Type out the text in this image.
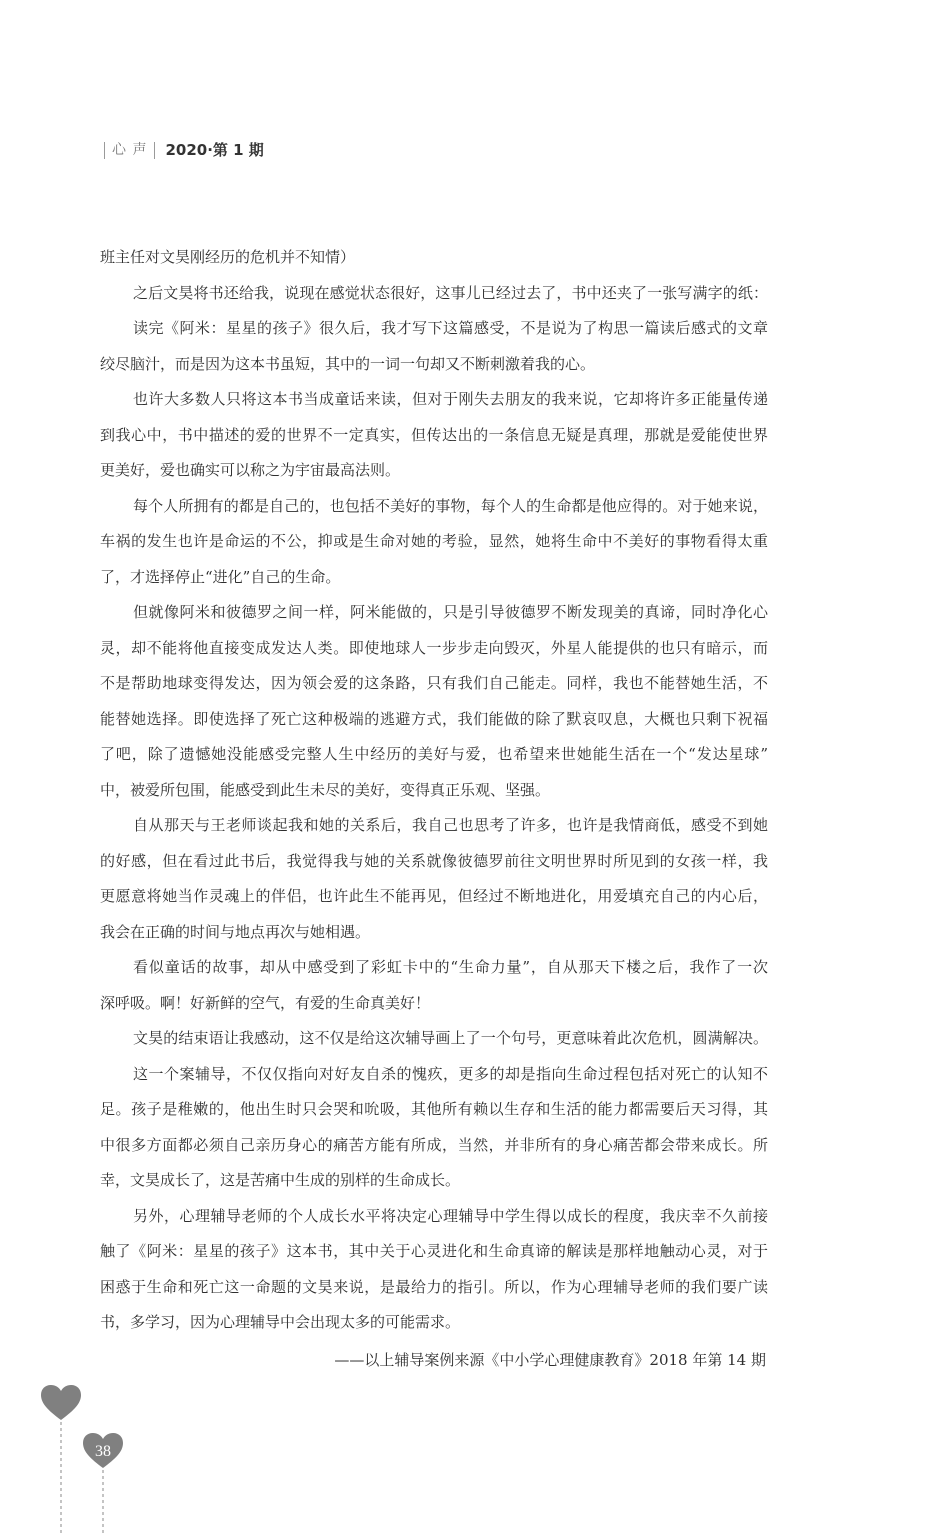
心 声	2020·第 1 期
班主任对文昊刚经历的危机并不知情）
之后文昊将书还给我，说现在感觉状态很好，这事儿已经过去了，书中还夹了一张写满字的纸：
读完《阿米：星星的孩子》很久后，我才写下这篇感受，不是说为了构思一篇读后感式的文章
绞尽脑汁，而是因为这本书虽短，其中的一词一句却又不断刺激着我的心。
也许大多数人只将这本书当成童话来读，但对于刚失去朋友的我来说，它却将许多正能量传递
到我心中，书中描述的爱的世界不一定真实，但传达出的一条信息无疑是真理，那就是爱能使世界
更美好，爱也确实可以称之为宇宙最高法则。
每个人所拥有的都是自己的，也包括不美好的事物，每个人的生命都是他应得的。对于她来说，
车祸的发生也许是命运的不公，抑或是生命对她的考验，显然，她将生命中不美好的事物看得太重
了，才选择停止“进化”自己的生命。
但就像阿米和彼德罗之间一样，阿米能做的，只是引导彼德罗不断发现美的真谛，同时净化心
灵，却不能将他直接变成发达人类。即使地球人一步步走向毁灭，外星人能提供的也只有暗示，而
不是帮助地球变得发达，因为领会爱的这条路，只有我们自己能走。同样，我也不能替她生活，不
能替她选择。即使选择了死亡这种极端的逃避方式，我们能做的除了默哀叹息，大概也只剩下祝福
了吧，除了遗憾她没能感受完整人生中经历的美好与爱，也希望来世她能生活在一个“发达星球”
中，被爱所包围，能感受到此生未尽的美好，变得真正乐观、坚强。
自从那天与王老师谈起我和她的关系后，我自己也思考了许多，也许是我情商低，感受不到她
的好感，但在看过此书后，我觉得我与她的关系就像彼德罗前往文明世界时所见到的女孩一样，我
更愿意将她当作灵魂上的伴侣，也许此生不能再见，但经过不断地进化，用爱填充自己的内心后，
我会在正确的时间与地点再次与她相遇。
看似童话的故事，却从中感受到了彩虹卡中的“生命力量”，自从那天下楼之后，我作了一次
深呼吸。啊！好新鲜的空气，有爱的生命真美好！
文昊的结束语让我感动，这不仅是给这次辅导画上了一个句号，更意味着此次危机，圆满解决。
这一个案辅导，不仅仅指向对好友自杀的愧疚，更多的却是指向生命过程包括对死亡的认知不
足。孩子是稚嫩的，他出生时只会哭和吮吸，其他所有赖以生存和生活的能力都需要后天习得，其
中很多方面都必须自己亲历身心的痛苦方能有所成，当然，并非所有的身心痛苦都会带来成长。所
幸，文昊成长了，这是苦痛中生成的别样的生命成长。
另外，心理辅导老师的个人成长水平将决定心理辅导中学生得以成长的程度，我庆幸不久前接
触了《阿米：星星的孩子》这本书，其中关于心灵进化和生命真谛的解读是那样地触动心灵，对于
困惑于生命和死亡这一命题的文昊来说，是最给力的指引。所以，作为心理辅导老师的我们要广读
书，多学习，因为心理辅导中会出现太多的可能需求。
——以上辅导案例来源《中小学心理健康教育》2018 年第 14 期
38
